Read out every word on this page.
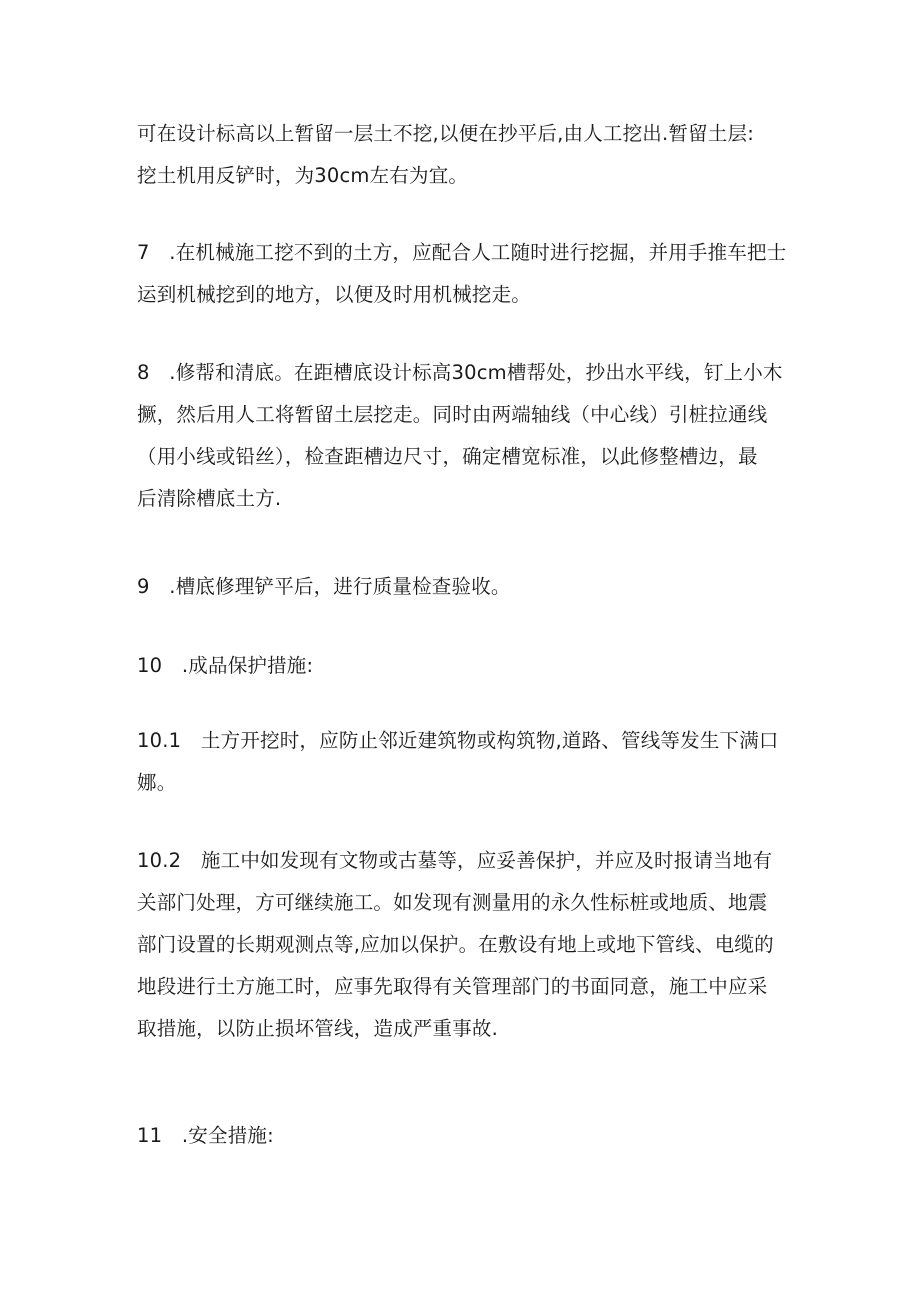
可在设计标高以上暂留一层土不挖,以便在抄平后,由人工挖出.暂留土层:
挖土机用反铲时，为30cm左右为宜。

7　.在机械施工挖不到的土方，应配合人工随时进行挖掘，并用手推车把士
运到机械挖到的地方，以便及时用机械挖走。

8　.修帮和清底。在距槽底设计标高30cm槽帮处，抄出水平线，钉上小木
撅，然后用人工将暂留土层挖走。同时由两端轴线（中心线）引桩拉通线
（用小线或铅丝），检查距槽边尺寸，确定槽宽标准，以此修整槽边，最
后清除槽底土方.

9　.槽底修理铲平后，进行质量检查验收。

10　.成品保护措施:

10.1　土方开挖时，应防止邻近建筑物或构筑物,道路、管线等发生下满口
娜。

10.2　施工中如发现有文物或古墓等，应妥善保护，并应及时报请当地有
关部门处理，方可继续施工。如发现有测量用的永久性标桩或地质、地震
部门设置的长期观测点等,应加以保护。在敷设有地上或地下管线、电缆的
地段进行土方施工时，应事先取得有关管理部门的书面同意，施工中应采
取措施，以防止损坏管线，造成严重事故.

11　.安全措施:
